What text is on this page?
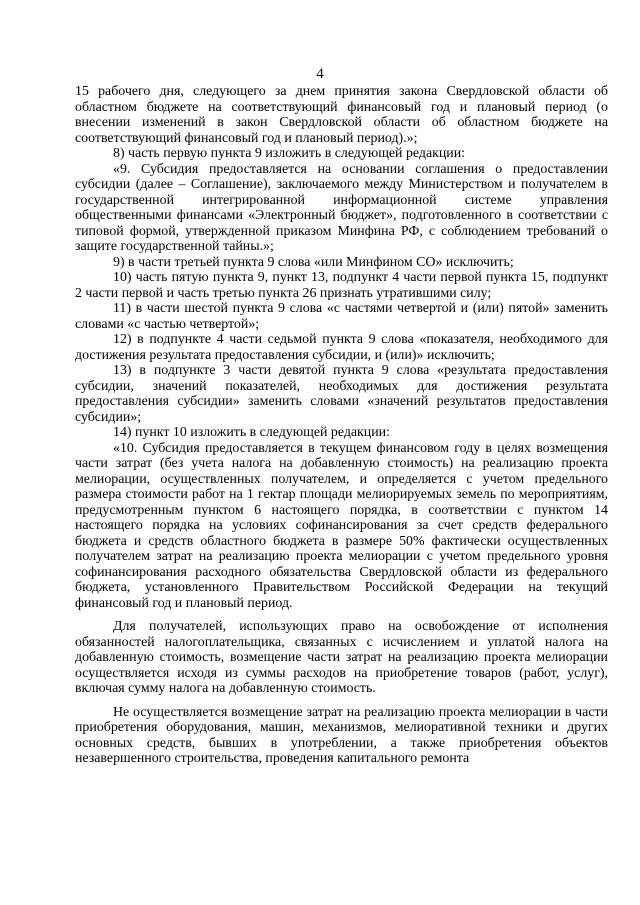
4

15 рабочего дня, следующего за днем принятия закона Свердловской области об областном бюджете на соответствующий финансовый год и плановый период (о внесении изменений в закон Свердловской области об областном бюджете на соответствующий финансовый год и плановый период).»;

8) часть первую пункта 9 изложить в следующей редакции:

«9. Субсидия предоставляется на основании соглашения о предоставлении субсидии (далее – Соглашение), заключаемого между Министерством и получателем в государственной интегрированной информационной системе управления общественными финансами «Электронный бюджет», подготовленного в соответствии с типовой формой, утвержденной приказом Минфина РФ, с соблюдением требований о защите государственной тайны.»;

9) в части третьей пункта 9 слова «или Минфином СО» исключить;

10) часть пятую пункта 9, пункт 13, подпункт 4 части первой пункта 15, подпункт 2 части первой и часть третью пункта 26 признать утратившими силу;

11) в части шестой пункта 9 слова «с частями четвертой и (или) пятой» заменить словами «с частью четвертой»;

12) в подпункте 4 части седьмой пункта 9 слова «показателя, необходимого для достижения результата предоставления субсидии, и (или)» исключить;

13) в подпункте 3 части девятой пункта 9 слова «результата предоставления субсидии, значений показателей, необходимых для достижения результата предоставления субсидии» заменить словами «значений результатов предоставления субсидии»;

14) пункт 10 изложить в следующей редакции:

«10. Субсидия предоставляется в текущем финансовом году в целях возмещения части затрат (без учета налога на добавленную стоимость) на реализацию проекта мелиорации, осуществленных получателем, и определяется с учетом предельного размера стоимости работ на 1 гектар площади мелиорируемых земель по мероприятиям, предусмотренным пунктом 6 настоящего порядка, в соответствии с пунктом 14 настоящего порядка на условиях софинансирования за счет средств федерального бюджета и средств областного бюджета в размере 50% фактически осуществленных получателем затрат на реализацию проекта мелиорации с учетом предельного уровня софинансирования расходного обязательства Свердловской области из федерального бюджета, установленного Правительством Российской Федерации на текущий финансовый год и плановый период.

Для получателей, использующих право на освобождение от исполнения обязанностей налогоплательщика, связанных с исчислением и уплатой налога на добавленную стоимость, возмещение части затрат на реализацию проекта мелиорации осуществляется исходя из суммы расходов на приобретение товаров (работ, услуг), включая сумму налога на добавленную стоимость.

Не осуществляется возмещение затрат на реализацию проекта мелиорации в части приобретения оборудования, машин, механизмов, мелиоративной техники и других основных средств, бывших в употреблении, а также приобретения объектов незавершенного строительства, проведения капитального ремонта
